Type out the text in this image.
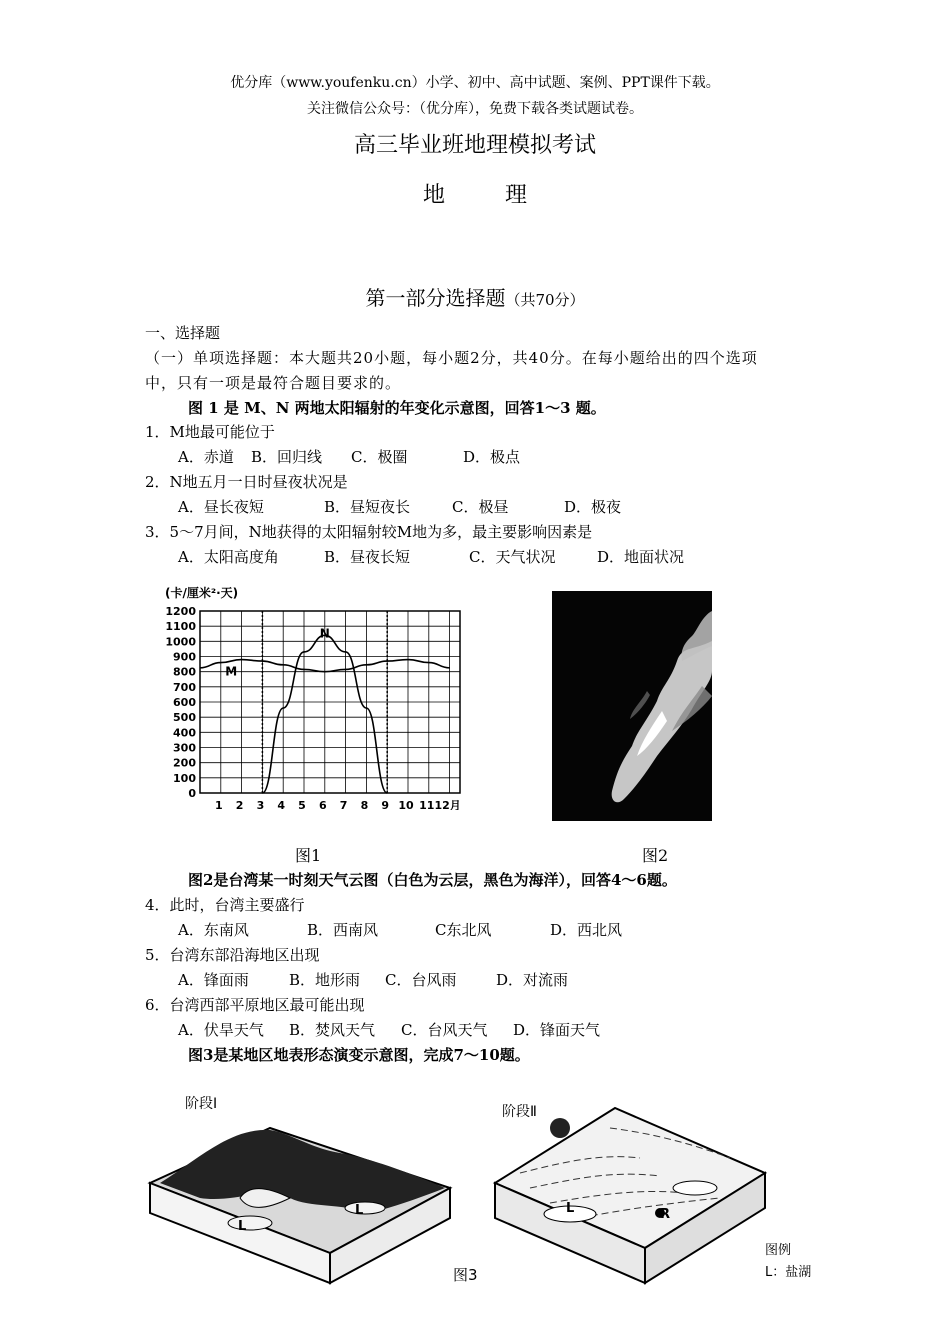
优分库（www.youfenku.cn）小学、初中、高中试题、案例、PPT课件下载。
关注微信公众号：（优分库），免费下载各类试题试卷。
高三毕业班地理模拟考试
地理
第一部分选择题（共70分）
一、选择题
（一）单项选择题：本大题共20小题，每小题2分，共40分。在每小题给出的四个选项
中，只有一项是最符合题目要求的。
图 1 是 M、N 两地太阳辐射的年变化示意图，回答1～3 题。
1．M地最可能位于
A．赤道 B．回归线 C．极圈	D．极点
2．N地五月一日时昼夜状况是
A．昼长夜短	B．昼短夜长	C．极昼	D．极夜
3．5～7月间，N地获得的太阳辐射较M地为多，最主要影响因素是
A．太阳高度角	B．昼夜长短	C．天气状况	D．地面状况
(卡/厘米²·天)
0
100
200
300
400
500
600
700
800
900
1000
1100
1200
1 2 3 4 5 6 7 8 9 10 11 12月
M
N
图1	图2
图2是台湾某一时刻天气云图（白色为云层，黑色为海洋），回答4～6题。
4．此时，台湾主要盛行
A．东南风	B．西南风	C东北风	D．西北风
5．台湾东部沿海地区出现
A．锋面雨	B．地形雨 C．台风雨	D．对流雨
6．台湾西部平原地区最可能出现
A．伏旱天气 B．焚风天气 C．台风天气 D．锋面天气
图3是某地区地表形态演变示意图，完成7～10题。
L
L
阶段Ⅰ
L	R
阶段Ⅱ
图3
图例
L：盐湖
